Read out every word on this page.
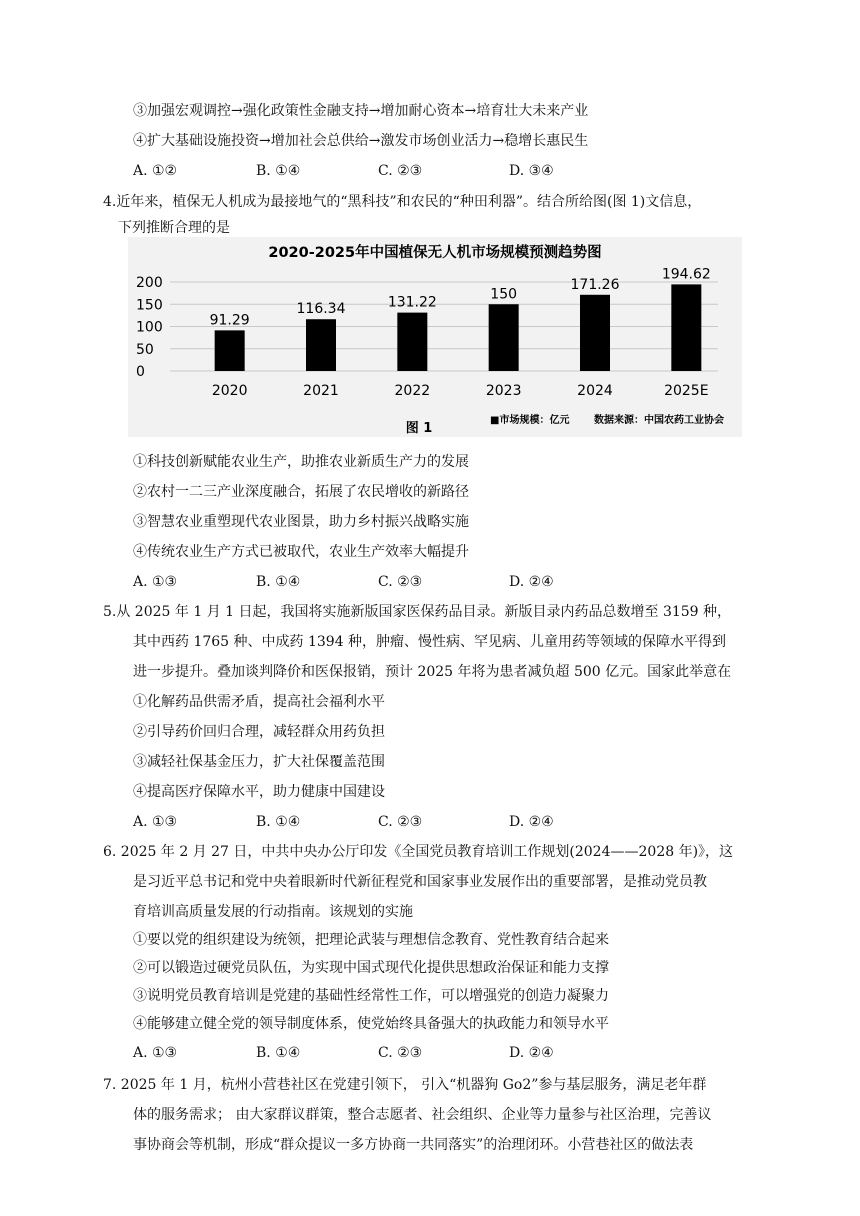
③加强宏观调控→强化政策性金融支持→增加耐心资本→培育壮大未来产业
④扩大基础设施投资→增加社会总供给→激发市场创业活力→稳增长惠民生
A. ①②	B. ①④	C. ②③	D. ③④
4.近年来，植保无人机成为最接地气的“黑科技”和农民的“种田利器”。结合所给图(图 1)文信息，
下列推断合理的是
2020-2025年中国植保无人机市场规模预测趋势图
200
150
100
50
0
91.29
116.34	131.22
150
171.26
194.62
2020	2021	2022	2023	2024	2025E
图 1
■市场规模：亿元 数据来源：中国农药工业协会
①科技创新赋能农业生产，助推农业新质生产力的发展
②农村一二三产业深度融合，拓展了农民增收的新路径
③智慧农业重塑现代农业图景，助力乡村振兴战略实施
④传统农业生产方式已被取代，农业生产效率大幅提升
A. ①③	B. ①④	C. ②③	D. ②④
5.从 2025 年 1 月 1 日起，我国将实施新版国家医保药品目录。新版目录内药品总数增至 3159 种，
其中西药 1765 种、中成药 1394 种，肿瘤、慢性病、罕见病、儿童用药等领域的保障水平得到
进一步提升。叠加谈判降价和医保报销，预计 2025 年将为患者减负超 500 亿元。国家此举意在
①化解药品供需矛盾，提高社会福利水平
②引导药价回归合理，减轻群众用药负担
③减轻社保基金压力，扩大社保覆盖范围
④提高医疗保障水平，助力健康中国建设
A. ①③	B. ①④	C. ②③	D. ②④
6. 2025 年 2 月 27 日，中共中央办公厅印发《全国党员教育培训工作规划(2024——2028 年)》，这
是习近平总书记和党中央着眼新时代新征程党和国家事业发展作出的重要部署，是推动党员教
育培训高质量发展的行动指南。该规划的实施
①要以党的组织建设为统领，把理论武装与理想信念教育、党性教育结合起来
②可以锻造过硬党员队伍，为实现中国式现代化提供思想政治保证和能力支撑
③说明党员教育培训是党建的基础性经常性工作，可以增强党的创造力凝聚力
④能够建立健全党的领导制度体系，使党始终具备强大的执政能力和领导水平
A. ①③	B. ①④	C. ②③	D. ②④
7. 2025 年 1 月，杭州小营巷社区在党建引领下， 引入“机器狗 Go2”参与基层服务，满足老年群
体的服务需求； 由大家群议群策，整合志愿者、社会组织、企业等力量参与社区治理，完善议
事协商会等机制，形成“群众提议一多方协商一共同落实”的治理闭环。小营巷社区的做法表
